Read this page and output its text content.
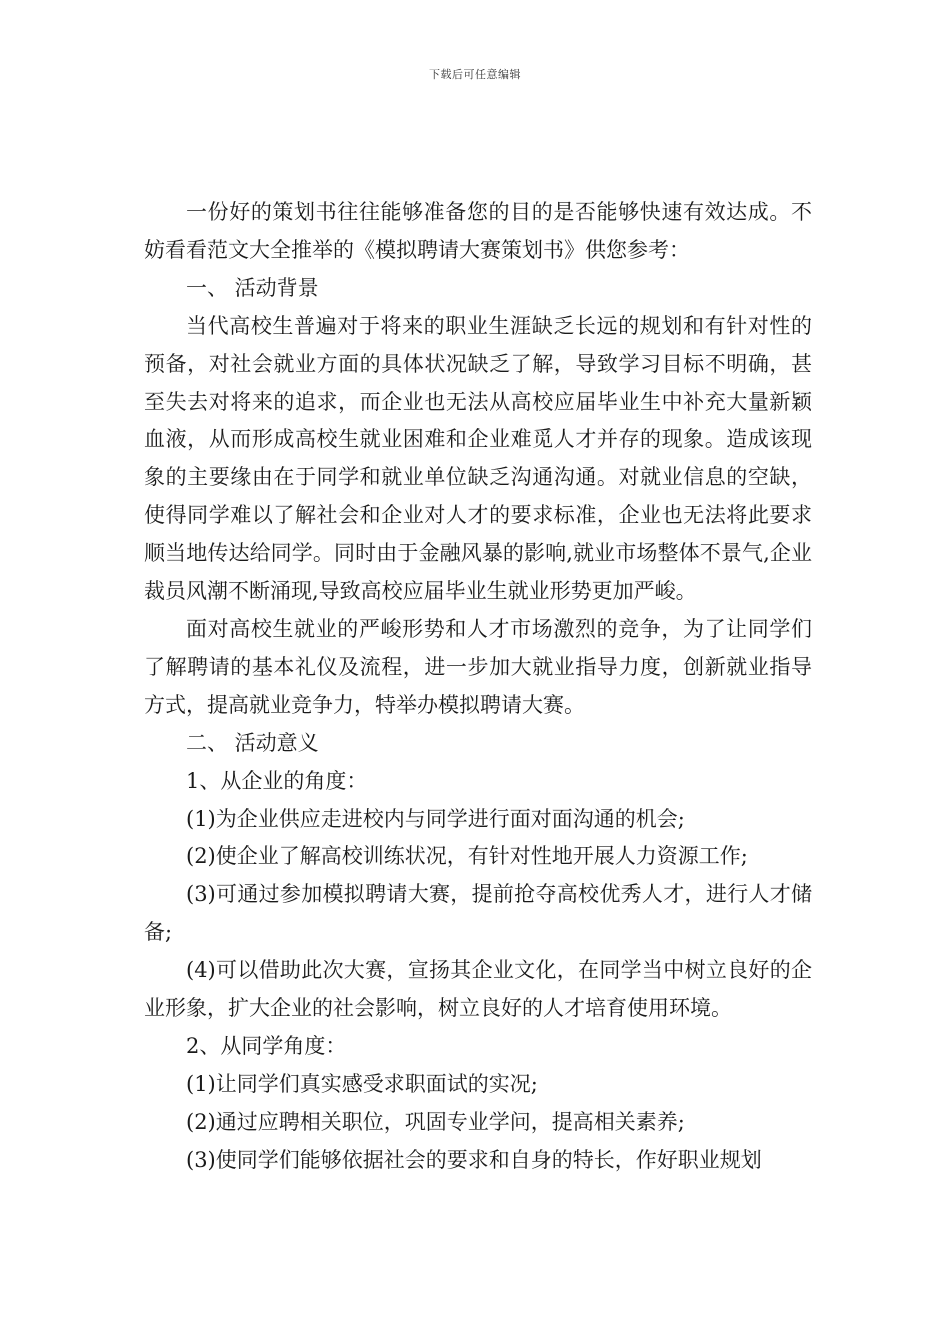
下载后可任意编辑

一份好的策划书往往能够准备您的目的是否能够快速有效达成。不妨看看范文大全推举的《模拟聘请大赛策划书》供您参考：

一、 活动背景

当代高校生普遍对于将来的职业生涯缺乏长远的规划和有针对性的预备，对社会就业方面的具体状况缺乏了解，导致学习目标不明确，甚至失去对将来的追求，而企业也无法从高校应届毕业生中补充大量新颖血液，从而形成高校生就业困难和企业难觅人才并存的现象。造成该现象的主要缘由在于同学和就业单位缺乏沟通沟通。对就业信息的空缺，使得同学难以了解社会和企业对人才的要求标准，企业也无法将此要求顺当地传达给同学。同时由于金融风暴的影响,就业市场整体不景气,企业裁员风潮不断涌现,导致高校应届毕业生就业形势更加严峻。

面对高校生就业的严峻形势和人才市场激烈的竞争，为了让同学们了解聘请的基本礼仪及流程，进一步加大就业指导力度，创新就业指导方式，提高就业竞争力，特举办模拟聘请大赛。

二、 活动意义

1、从企业的角度：

(1)为企业供应走进校内与同学进行面对面沟通的机会;

(2)使企业了解高校训练状况，有针对性地开展人力资源工作;

(3)可通过参加模拟聘请大赛，提前抢夺高校优秀人才，进行人才储备;

(4)可以借助此次大赛，宣扬其企业文化，在同学当中树立良好的企业形象，扩大企业的社会影响，树立良好的人才培育使用环境。

2、从同学角度：

(1)让同学们真实感受求职面试的实况;

(2)通过应聘相关职位，巩固专业学问，提高相关素养;

(3)使同学们能够依据社会的要求和自身的特长，作好职业规划
